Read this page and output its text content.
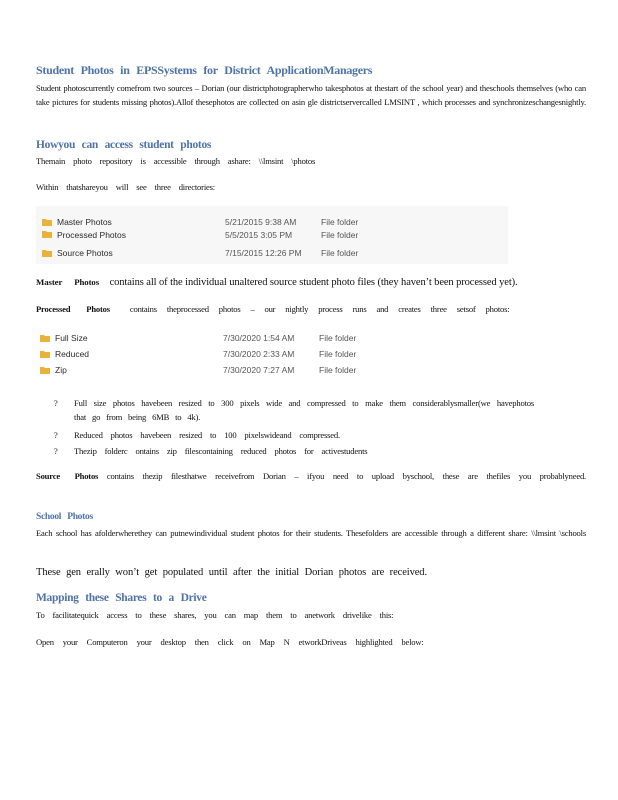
Student Photos in EPSSystems for District ApplicationManagers
Student photoscurrently comefrom two sources – Dorian (our districtphotographerwho takesphotos at thestart of the school year) and theschools themselves (who can take pictures for students missing photos).Allof thesephotos are collected on asin gle districtservercalled LMSINT , which processes and synchronizeschangesnightly.
Howyou can access student photos
Themain photo repository is accessible through ashare: \\lmsint \photos
Within thatshareyou will see three directories:
Master Photos	5/21/2015 9:38 AM	File folder
Processed Photos	5/5/2015 3:05 PM	File folder
Source Photos	7/15/2015 12:26 PM	File folder
Master Photos contains all of the individual unaltered source student photo files (they haven’t been processed yet).
Processed Photos contains theprocessed photos – our nightly process runs and creates three setsof photos:
Full Size	7/30/2020 1:54 AM	File folder
Reduced	7/30/2020 2:33 AM	File folder
Zip	7/30/2020 7:27 AM	File folder
? Full size photos havebeen resized to 300 pixels wide and compressed to make them considerablysmaller(we havephotos that go from being 6MB to 4k).
? Reduced photos havebeen resized to 100 pixelswideand compressed.
? Thezip folderc ontains zip filescontaining reduced photos for activestudents
Source Photos contains thezip filesthatwe receivefrom Dorian – ifyou need to upload byschool, these are thefiles you probablyneed.
School Photos
Each school has afolderwherethey can putnewindividual student photos for their students. Thesefolders are accessible through a different share: \\lmsint \schools
These gen erally won’t get populated until after the initial Dorian photos are received.
Mapping these Shares to a Drive
To facilitatequick access to these shares, you can map them to anetwork drivelike this:
Open your Computeron your desktop then click on Map N etworkDriveas highlighted below:
